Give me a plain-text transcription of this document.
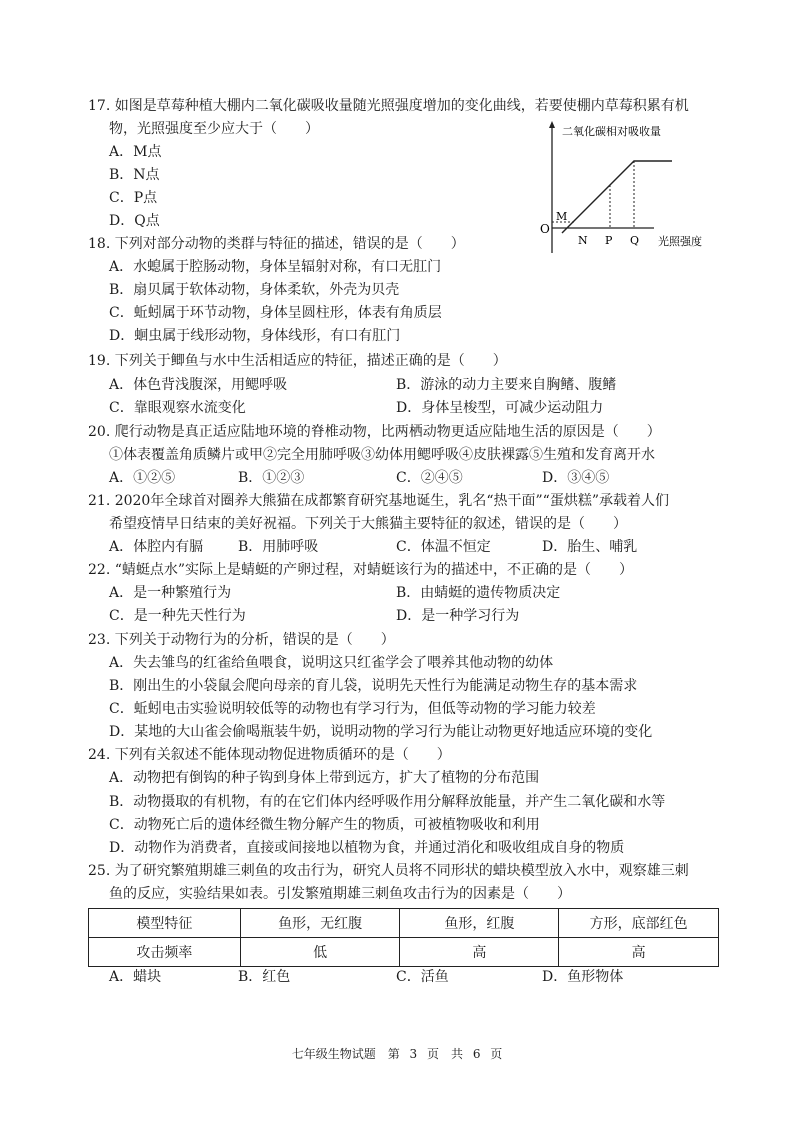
17. 如图是草莓种植大棚内二氧化碳吸收量随光照强度增加的变化曲线，若要使棚内草莓积累有机
物，光照强度至少应大于（　　）
A．M点
B．N点
C．P点
D．Q点
二氧化碳相对吸收量
O
M
N P Q 光照强度
18. 下列对部分动物的类群与特征的描述，错误的是（　　）
A．水螅属于腔肠动物，身体呈辐射对称，有口无肛门
B．扇贝属于软体动物，身体柔软，外壳为贝壳
C．蚯蚓属于环节动物，身体呈圆柱形，体表有角质层
D．蛔虫属于线形动物，身体线形，有口有肛门
19. 下列关于鲫鱼与水中生活相适应的特征，描述正确的是（　　）
A．体色背浅腹深，用鳃呼吸	B．游泳的动力主要来自胸鳍、腹鳍
C．靠眼观察水流变化	D．身体呈梭型，可减少运动阻力
20. 爬行动物是真正适应陆地环境的脊椎动物，比两栖动物更适应陆地生活的原因是（　　）
①体表覆盖角质鳞片或甲②完全用肺呼吸③幼体用鳃呼吸④皮肤裸露⑤生殖和发育离开水
A．①②⑤	B．①②③	C．②④⑤	D．③④⑤
21. 2020年全球首对圈养大熊猫在成都繁育研究基地诞生，乳名“热干面”“蛋烘糕”承载着人们
希望疫情早日结束的美好祝福。下列关于大熊猫主要特征的叙述，错误的是（　　）
A．体腔内有膈 B．用肺呼吸	C．体温不恒定	D．胎生、哺乳
22. “蜻蜓点水”实际上是蜻蜓的产卵过程，对蜻蜓该行为的描述中，不正确的是（　　）
A．是一种繁殖行为	B．由蜻蜓的遗传物质决定
C．是一种先天性行为	D．是一种学习行为
23. 下列关于动物行为的分析，错误的是（　　）
A．失去雏鸟的红雀给鱼喂食，说明这只红雀学会了喂养其他动物的幼体
B．刚出生的小袋鼠会爬向母亲的育儿袋，说明先天性行为能满足动物生存的基本需求
C．蚯蚓电击实验说明较低等的动物也有学习行为，但低等动物的学习能力较差
D．某地的大山雀会偷喝瓶装牛奶，说明动物的学习行为能让动物更好地适应环境的变化
24. 下列有关叙述不能体现动物促进物质循环的是（　　）
A．动物把有倒钩的种子钩到身体上带到远方，扩大了植物的分布范围
B．动物摄取的有机物，有的在它们体内经呼吸作用分解释放能量，并产生二氧化碳和水等
C．动物死亡后的遗体经微生物分解产生的物质，可被植物吸收和利用
D．动物作为消费者，直接或间接地以植物为食，并通过消化和吸收组成自身的物质
25. 为了研究繁殖期雄三刺鱼的攻击行为，研究人员将不同形状的蜡块模型放入水中，观察雄三刺
鱼的反应，实验结果如表。引发繁殖期雄三刺鱼攻击行为的因素是（　　）
模型特征	鱼形，无红腹	鱼形，红腹	方形，底部红色
攻击频率	低	高	高
A．蜡块	B．红色	C．活鱼	D．鱼形物体
七年级生物试题　第 3 页　共 6 页
